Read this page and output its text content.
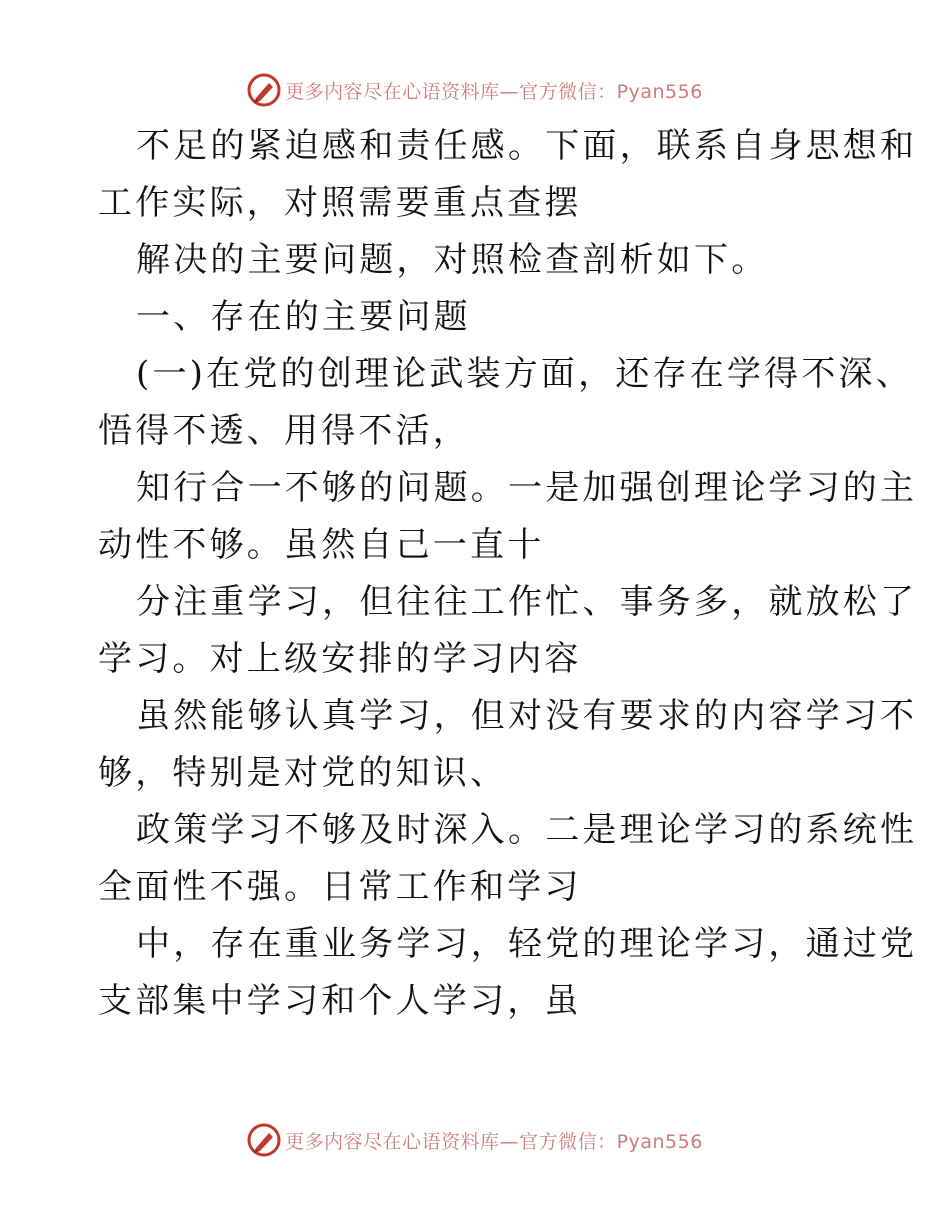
更多内容尽在心语资料库—官方微信：Pyan556
不足的紧迫感和责任感。下面，联系自身思想和
工作实际，对照需要重点查摆
解决的主要问题，对照检查剖析如下。
一、存在的主要问题
(一)在党的创理论武装方面，还存在学得不深、
悟得不透、用得不活，
知行合一不够的问题。一是加强创理论学习的主
动性不够。虽然自己一直十
分注重学习，但往往工作忙、事务多，就放松了
学习。对上级安排的学习内容
虽然能够认真学习，但对没有要求的内容学习不
够，特别是对党的知识、
政策学习不够及时深入。二是理论学习的系统性
全面性不强。日常工作和学习
中，存在重业务学习，轻党的理论学习，通过党
支部集中学习和个人学习，虽
更多内容尽在心语资料库—官方微信：Pyan556
